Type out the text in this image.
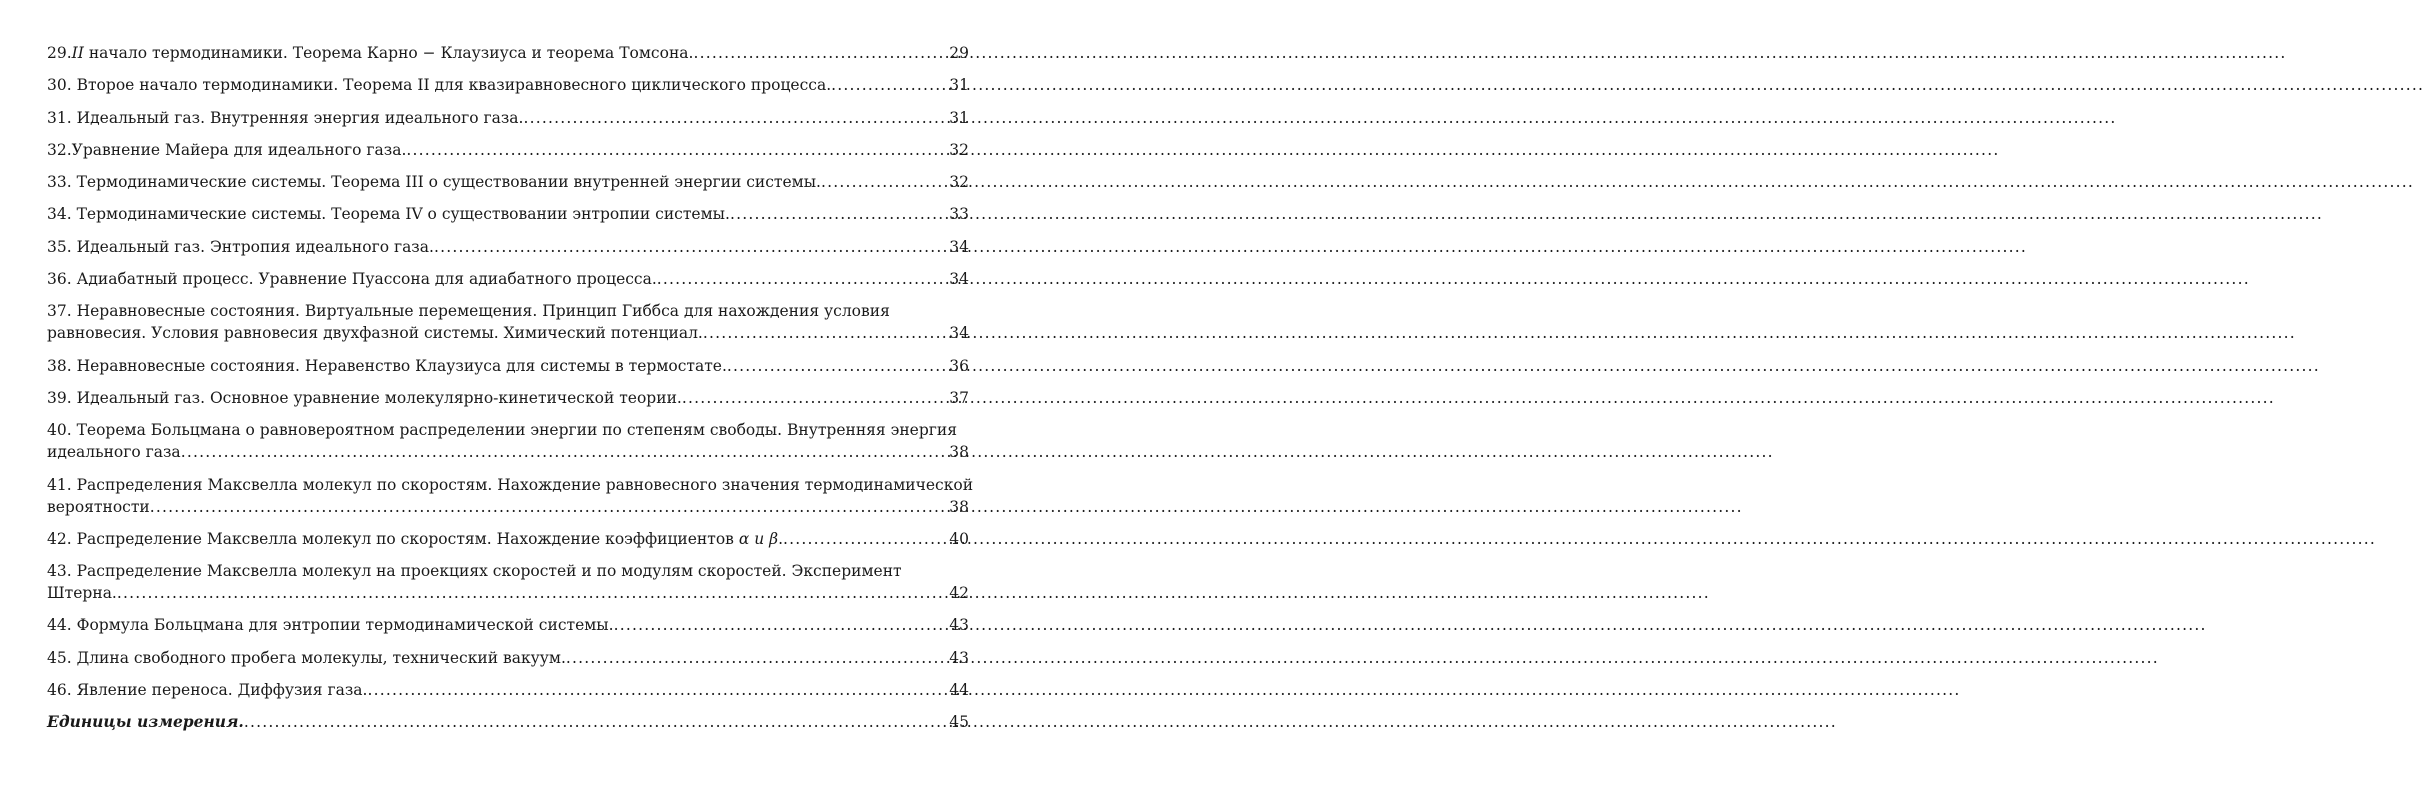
29.II начало термодинамики. Теорема Карно − Клаузиуса и теорема Томсона. .....	29
30. Второе начало термодинамики. Теорема II для квазиравновесного циклического процесса. .....	31
31. Идеальный газ. Внутренняя энергия идеального газа. .....	31
32.Уравнение Майера для идеального газа. .....	32
33. Термодинамические системы. Теорема III о существовании внутренней энергии системы. .....	32
34. Термодинамические системы. Теорема IV о существовании энтропии системы. .....	33
35. Идеальный газ. Энтропия идеального газа. .....	34
36. Адиабатный процесс. Уравнение Пуассона для адиабатного процесса. .....	34
37. Неравновесные состояния. Виртуальные перемещения. Принцип Гиббса для нахождения условия
равновесия. Условия равновесия двухфазной системы. Химический потенциал. .....	34
38. Неравновесные состояния. Неравенство Клаузиуса для системы в термостате. .....	36
39. Идеальный газ. Основное уравнение молекулярно-кинетической теории. .....	37
40. Теорема Больцмана о равновероятном распределении энергии по степеням свободы. Внутренняя энергия
идеального газа .....	38
41. Распределения Максвелла молекул по скоростям. Нахождение равновесного значения термодинамической
вероятности .....	38
42. Распределение Максвелла молекул по скоростям. Нахождение коэффициентов α и β. .....	40
43. Распределение Максвелла молекул на проекциях скоростей и по модулям скоростей. Эксперимент
Штерна. .....	42
44. Формула Больцмана для энтропии термодинамической системы. .....	43
45. Длина свободного пробега молекулы, технический вакуум. .....	43
46. Явление переноса. Диффузия газа. .....	44
Единицы измерения. .....	45
